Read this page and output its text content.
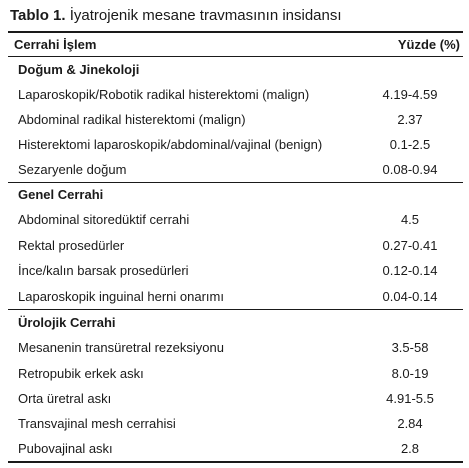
Tablo 1. İyatrojenik mesane travmasının insidansı
Cerrahi İşlem	Yüzde (%)
Doğum & Jinekoloji
Laparoskopik/Robotik radikal histerektomi (malign)	4.19-4.59
Abdominal radikal histerektomi (malign)	2.37
Histerektomi laparoskopik/abdominal/vajinal (benign)	0.1-2.5
Sezaryenle doğum	0.08-0.94
Genel Cerrahi
Abdominal sitoredüktif cerrahi	4.5
Rektal prosedürler	0.27-0.41
İnce/kalın barsak prosedürleri	0.12-0.14
Laparoskopik inguinal herni onarımı	0.04-0.14
Ürolojik Cerrahi
Mesanenin transüretral rezeksiyonu	3.5-58
Retropubik erkek askı	8.0-19
Orta üretral askı	4.91-5.5
Transvajinal mesh cerrahisi	2.84
Pubovajinal askı	2.8
